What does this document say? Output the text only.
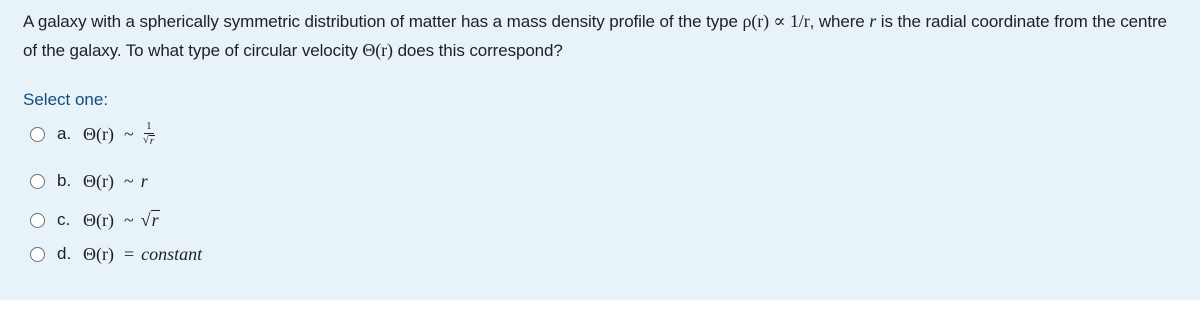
A galaxy with a spherically symmetric distribution of matter has a mass density profile of the type ρ(r) ∝ 1/r, where r is the radial coordinate from the centre of the galaxy. To what type of circular velocity Θ(r) does this correspond?
Select one:
a. Θ(r) ~ $\frac{1}{√ r}$
b. Θ(r) ~ r
c. Θ(r) ~ √ r
d. Θ(r) = constant
